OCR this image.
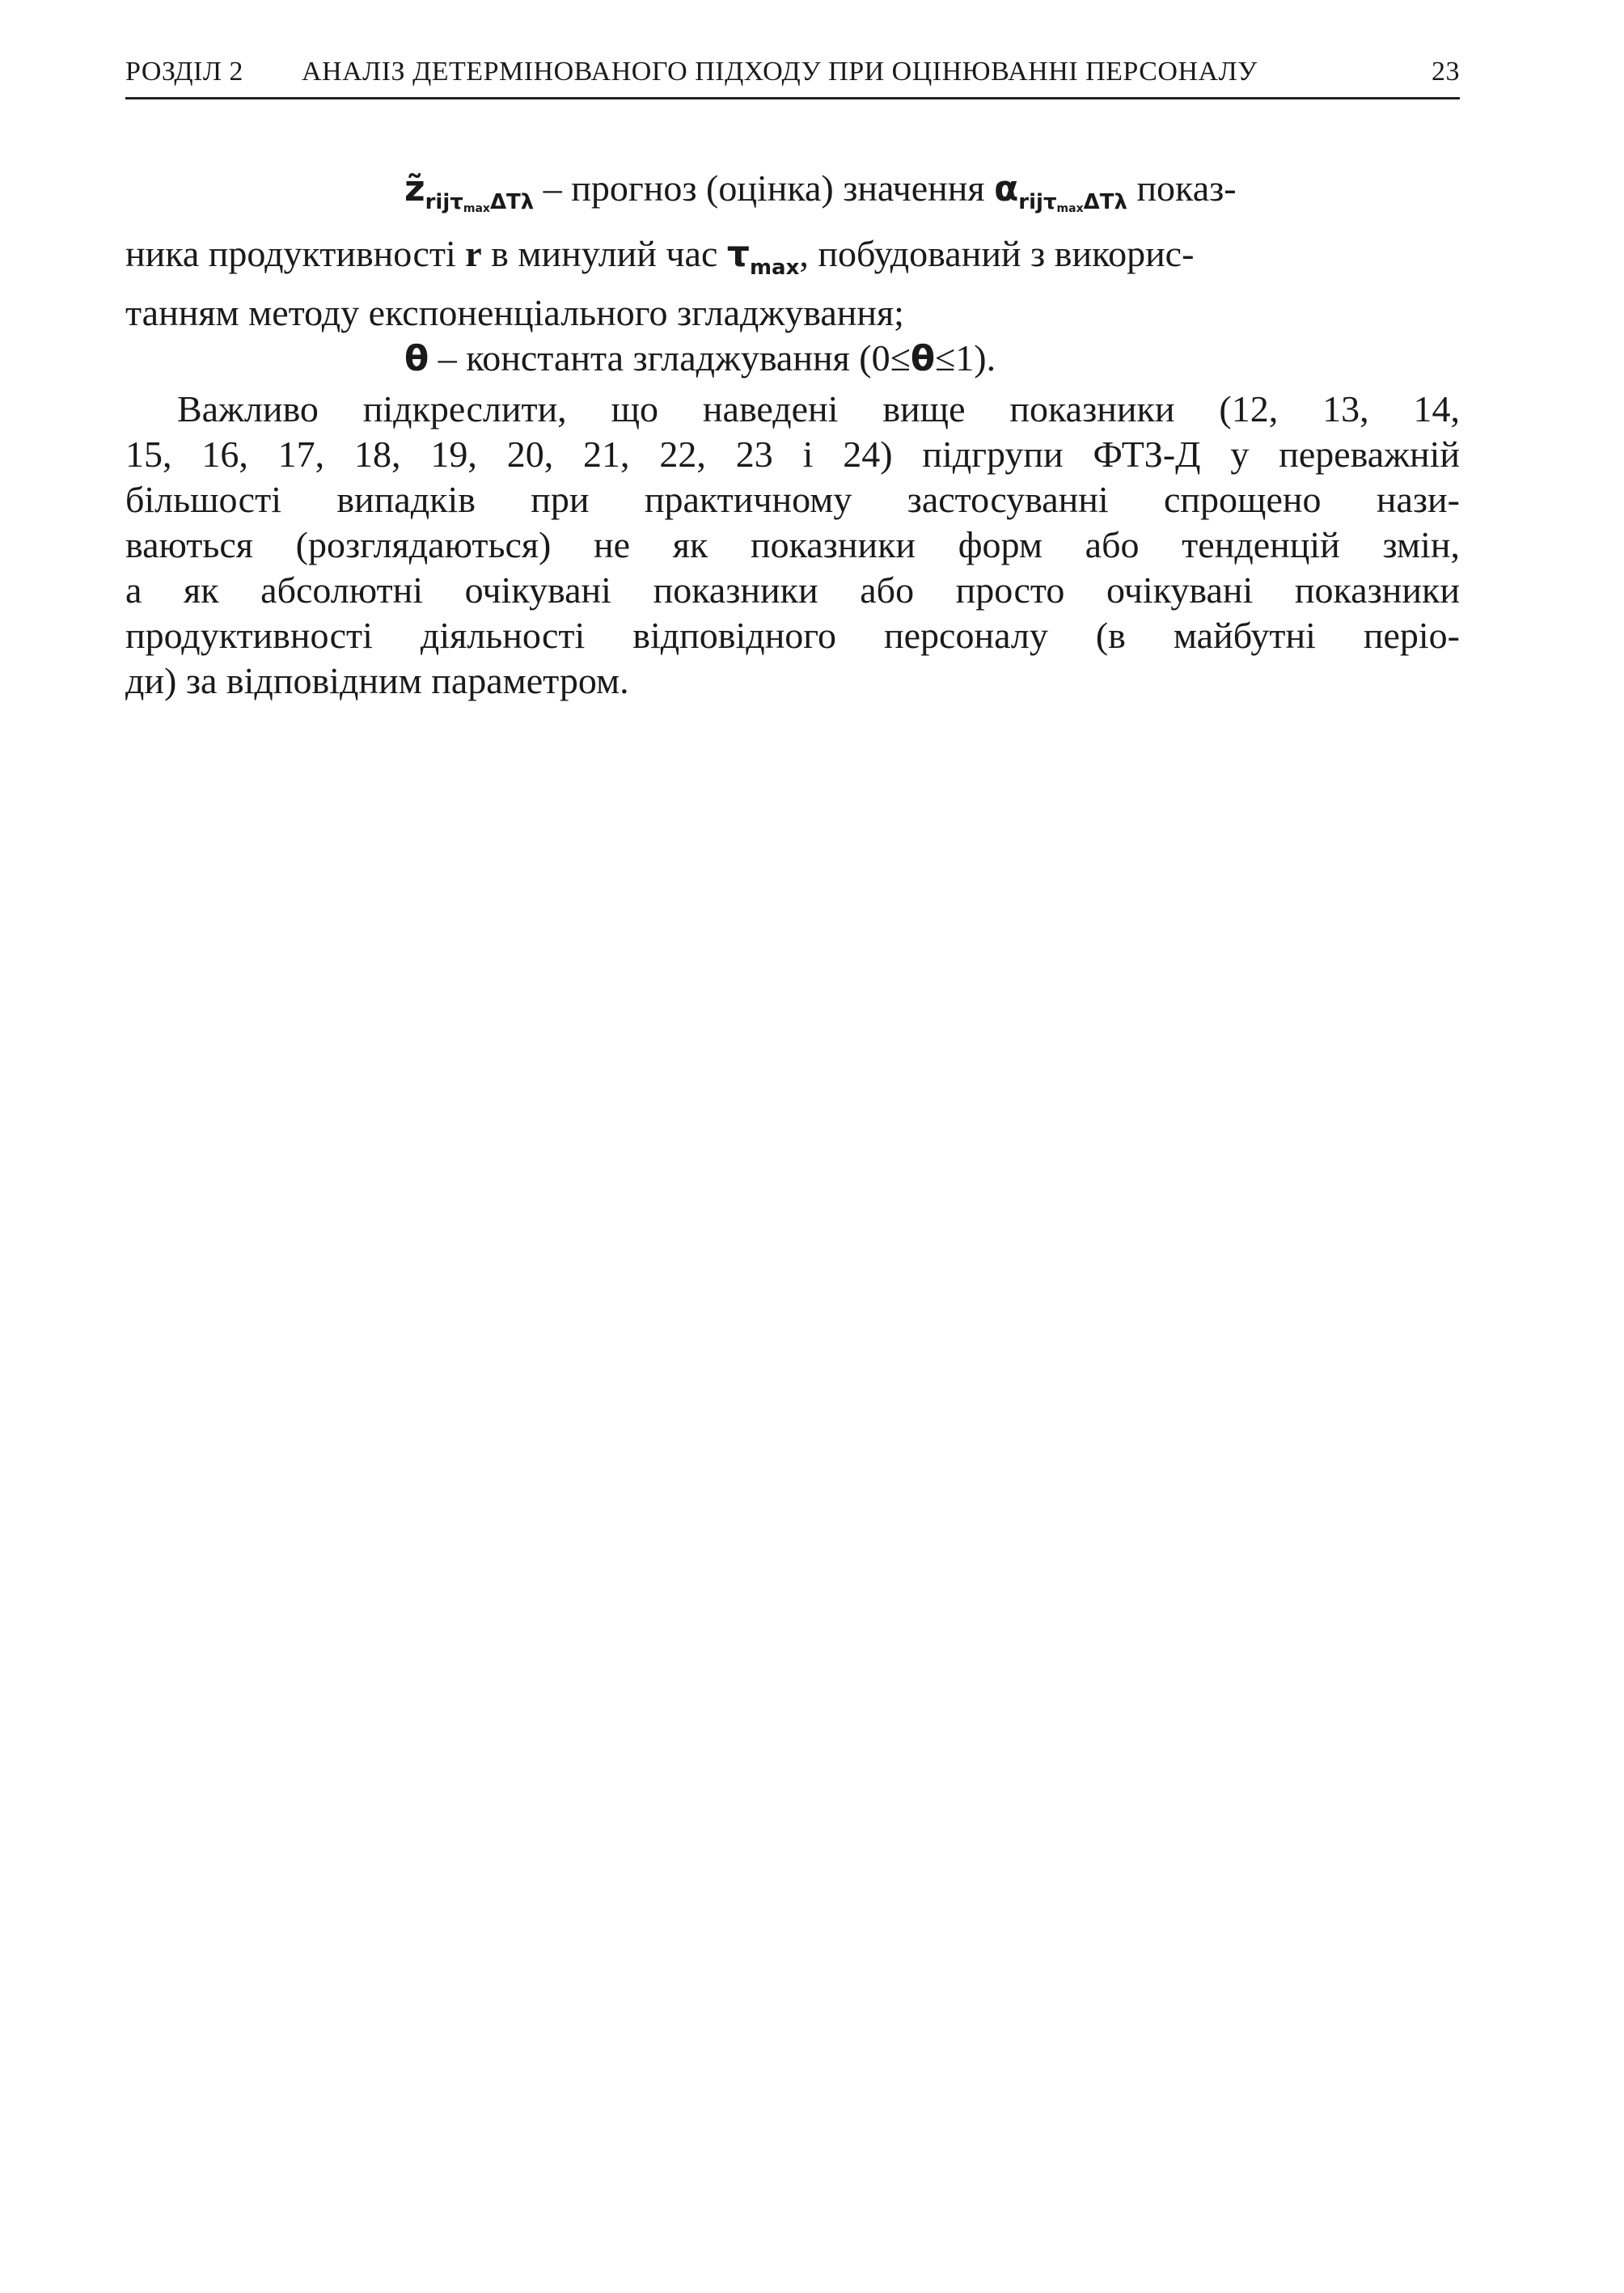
РОЗДІЛ 2 АНАЛІЗ ДЕТЕРМІНОВАНОГО ПІДХОДУ ПРИ ОЦІНЮВАННІ ПЕРСОНАЛУ	23
$z̃_{rij\tau max\Delta T\lambda}$ – прогноз (оцінка) значення $\alpha_{rij\tau max\Delta T\lambda}$ показ-
ника продуктивності r в минулий час $\tau_{max}$, побудований з викорис-
танням методу експоненціального згладжування;
θ – константа згладжування (0≤θ≤1).
Важливо підкреслити, що наведені вище показники (12, 13, 14,
15, 16, 17, 18, 19, 20, 21, 22, 23 і 24) підгрупи ФТЗ-Д у переважній
більшості випадків при практичному застосуванні спрощено нази-
ваються (розглядаються) не як показники форм або тенденцій змін,
а як абсолютні очікувані показники або просто очікувані показники
продуктивності діяльності відповідного персоналу (в майбутні періо-
ди) за відповідним параметром.
